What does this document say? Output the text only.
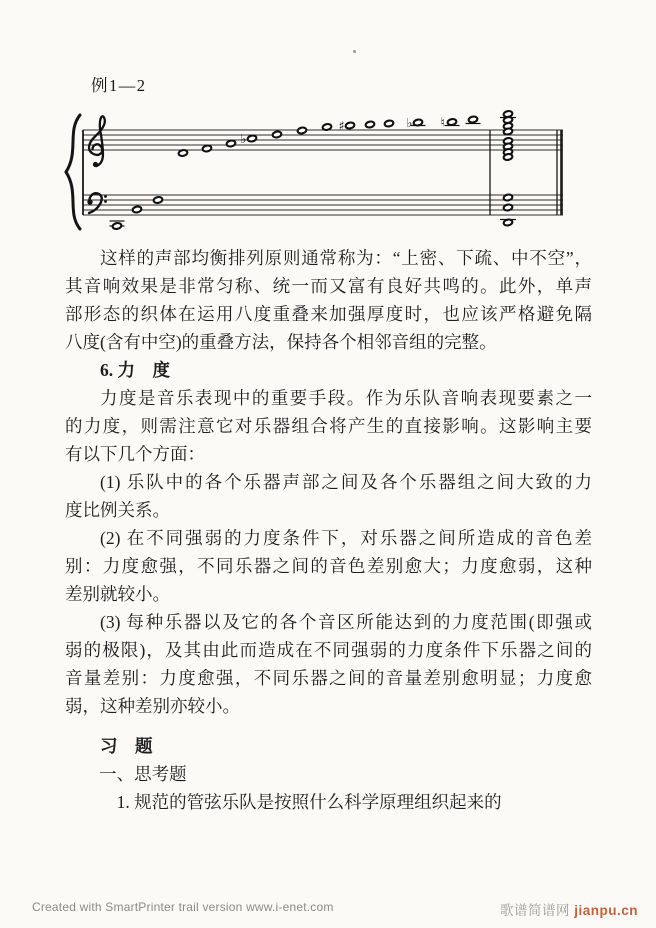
例1—2
♭
♯	♭ ♮
这样的声部均衡排列原则通常称为：“上密、下疏、中不空”，
其音响效果是非常匀称、统一而又富有良好共鸣的。此外，单声
部形态的织体在运用八度重叠来加强厚度时，也应该严格避免隔
八度(含有中空)的重叠方法，保持各个相邻音组的完整。
6. 力　度
力度是音乐表现中的重要手段。作为乐队音响表现要素之一
的力度，则需注意它对乐器组合将产生的直接影响。这影响主要
有以下几个方面：
(1) 乐队中的各个乐器声部之间及各个乐器组之间大致的力
度比例关系。
(2) 在不同强弱的力度条件下，对乐器之间所造成的音色差
别：力度愈强，不同乐器之间的音色差别愈大；力度愈弱，这种
差别就较小。
(3) 每种乐器以及它的各个音区所能达到的力度范围(即强或
弱的极限)，及其由此而造成在不同强弱的力度条件下乐器之间的
音量差别：力度愈强，不同乐器之间的音量差别愈明显；力度愈
弱，这种差别亦较小。
习　题
一、思考题
1. 规范的管弦乐队是按照什么科学原理组织起来的
Created with SmartPrinter trail version www.i-enet.com	歌谱简谱网 jianpu.cn
